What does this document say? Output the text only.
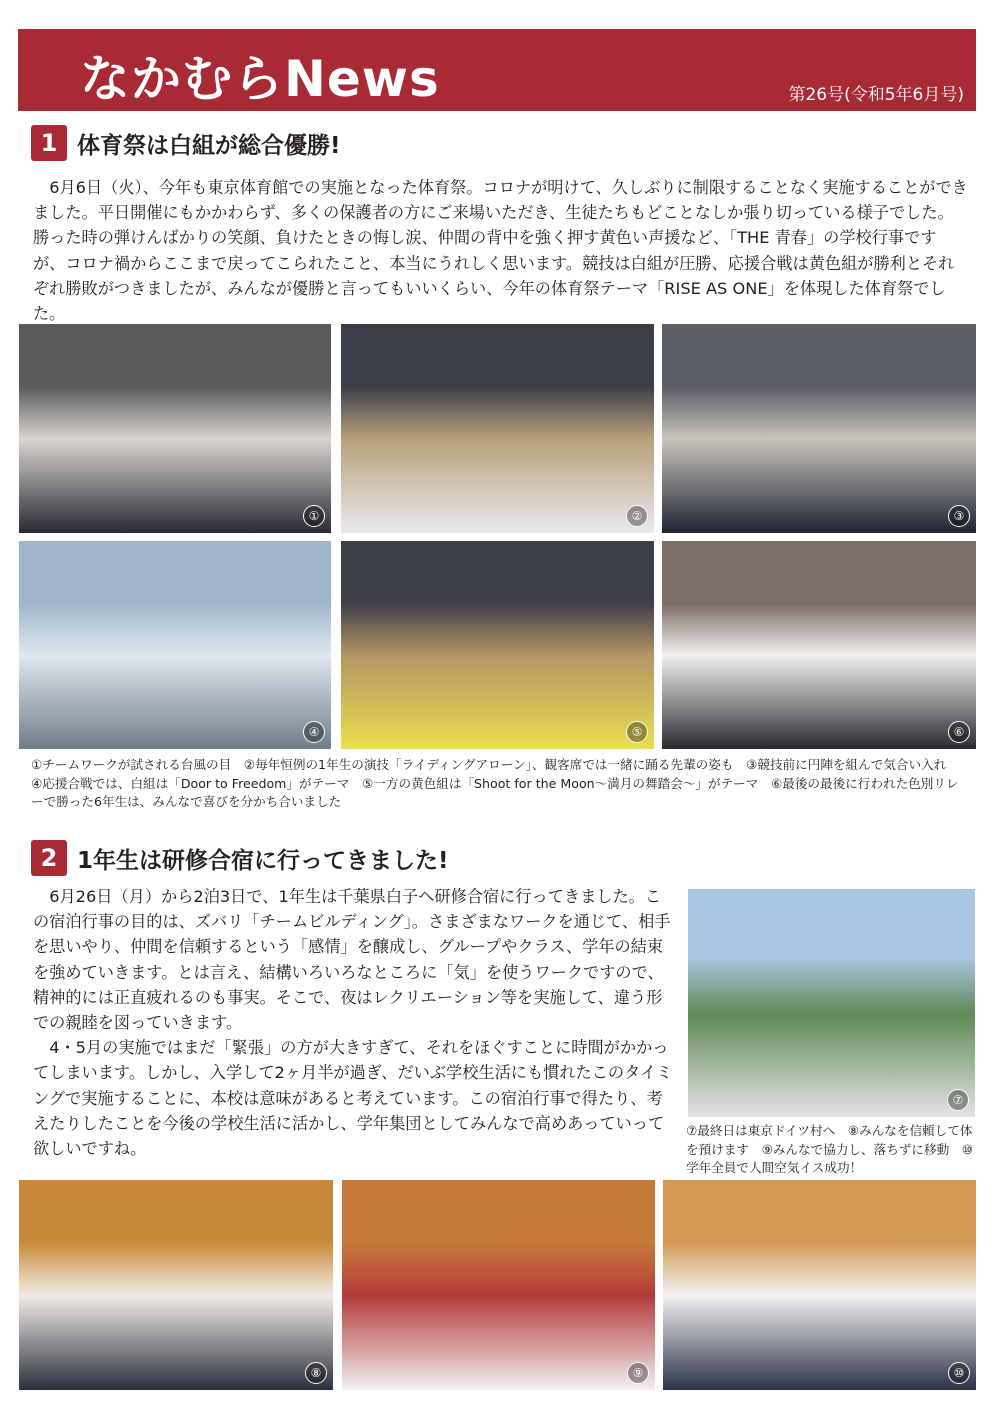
なかむらNews	第26号(令和5年6月号)
1 体育祭は白組が総合優勝!

6月6日（火）、今年も東京体育館での実施となった体育祭。コロナが明けて、久しぶりに制限することなく実施することができました。平日開催にもかかわらず、多くの保護者の方にご来場いただき、生徒たちもどことなしか張り切っている様子でした。勝った時の弾けんばかりの笑顔、負けたときの悔し涙、仲間の背中を強く押す黄色い声援など、「THE 青春」の学校行事ですが、コロナ禍からここまで戻ってこられたこと、本当にうれしく思います。競技は白組が圧勝、応援合戦は黄色組が勝利とそれぞれ勝敗がつきましたが、みんなが優勝と言ってもいいくらい、今年の体育祭テーマ「RISE AS ONE」を体現した体育祭でした。

①	②	③
④	⑤	⑥
①チームワークが試される台風の目　②毎年恒例の1年生の演技「ライディングアローン」、観客席では一緒に踊る先輩の姿も　③競技前に円陣を組んで気合い入れ　④応援合戦では、白組は「Door to Freedom」がテーマ　⑤一方の黄色組は「Shoot for the Moon～満月の舞踏会～」がテーマ　⑥最後の最後に行われた色別リレーで勝った6年生は、みんなで喜びを分かち合いました
2 1年生は研修合宿に行ってきました!

6月26日（月）から2泊3日で、1年生は千葉県白子へ研修合宿に行ってきました。この宿泊行事の目的は、ズバリ「チームビルディング」。さまざまなワークを通じて、相手を思いやり、仲間を信頼するという「感情」を醸成し、グループやクラス、学年の結束を強めていきます。とは言え、結構いろいろなところに「気」を使うワークですので、精神的には正直疲れるのも事実。そこで、夜はレクリエーション等を実施して、違う形での親睦を図っていきます。

4・5月の実施ではまだ「緊張」の方が大きすぎて、それをほぐすことに時間がかかってしまいます。しかし、入学して2ヶ月半が過ぎ、だいぶ学校生活にも慣れたこのタイミングで実施することに、本校は意味があると考えています。この宿泊行事で得たり、考えたりしたことを今後の学校生活に活かし、学年集団としてみんなで高めあっていって欲しいですね。

⑦
⑦最終日は東京ドイツ村へ　⑧みんなを信頼して体を預けます　⑨みんなで協力し、落ちずに移動　⑩学年全員で人間空気イス成功！
⑧	⑨	⑩
